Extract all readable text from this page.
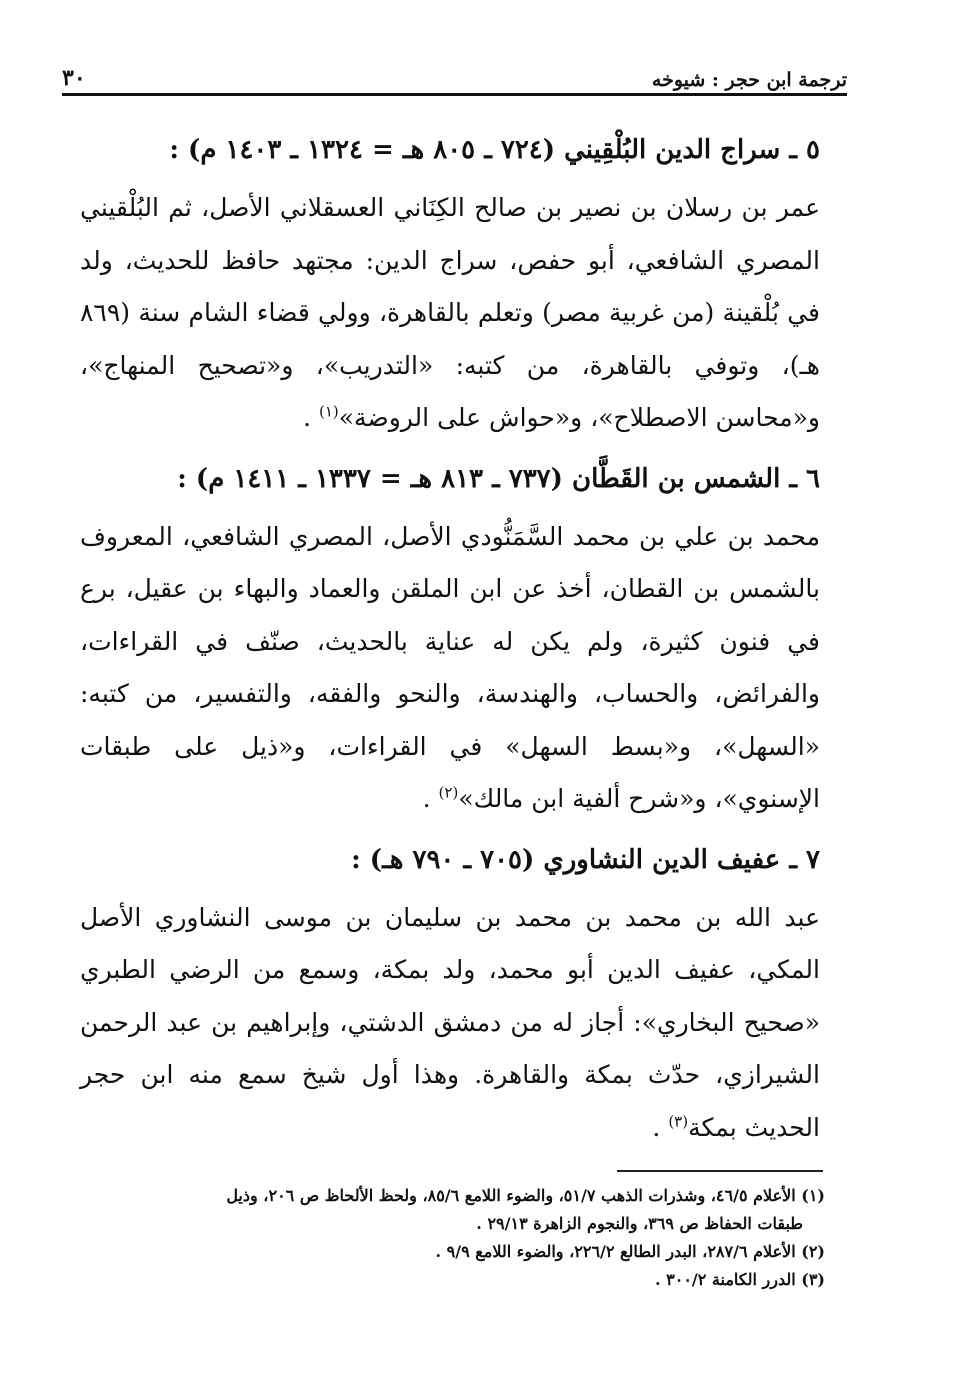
ترجمة ابن حجر : شيوخه
٣٠
٥ ـ سراج الدين البُلْقِيني (٧٢٤ ـ ٨٠٥ هـ = ١٣٢٤ ـ ١٤٠٣ م) :

عمر بن رسلان بن نصير بن صالح الكِنَاني العسقلاني الأصل، ثم البُلْقيني المصري الشافعي، أبو حفص، سراج الدين: مجتهد حافظ للحديث، ولد في بُلْقينة (من غربية مصر) وتعلم بالقاهرة، وولي قضاء الشام سنة (٨٦٩ هـ)، وتوفي بالقاهرة، من كتبه: «التدريب»، و«تصحيح المنهاج»، و«محاسن الاصطلاح»، و«حواش على الروضة»$^{(١)}$ .

٦ ـ الشمس بن القَطَّان (٧٣٧ ـ ٨١٣ هـ = ١٣٣٧ ـ ١٤١١ م) :

محمد بن علي بن محمد السَّمَنُّودي الأصل، المصري الشافعي، المعروف بالشمس بن القطان، أخذ عن ابن الملقن والعماد والبهاء بن عقيل، برع في فنون كثيرة، ولم يكن له عناية بالحديث، صنّف في القراءات، والفرائض، والحساب، والهندسة، والنحو والفقه، والتفسير، من كتبه: «السهل»، و«بسط السهل» في القراءات، و«ذيل على طبقات الإسنوي»، و«شرح ألفية ابن مالك»$^{(٢)}$ .

٧ ـ عفيف الدين النشاوري (٧٠٥ ـ ٧٩٠ هـ) :

عبد الله بن محمد بن محمد بن سليمان بن موسى النشاوري الأصل المكي، عفيف الدين أبو محمد، ولد بمكة، وسمع من الرضي الطبري «صحيح البخاري»: أجاز له من دمشق الدشتي، وإبراهيم بن عبد الرحمن الشيرازي، حدّث بمكة والقاهرة. وهذا أول شيخ سمع منه ابن حجر الحديث بمكة$^{(٣)}$ .

(١) الأعلام ٤٦/٥، وشذرات الذهب ٥١/٧، والضوء اللامع ٨٥/٦، ولحظ الألحاظ ص ٢٠٦، وذيل

طبقات الحفاظ ص ٣٦٩، والنجوم الزاهرة ٢٩/١٣ .

(٢) الأعلام ٢٨٧/٦، البدر الطالع ٢٢٦/٢، والضوء اللامع ٩/٩ .

(٣) الدرر الكامنة ٣٠٠/٢ .
